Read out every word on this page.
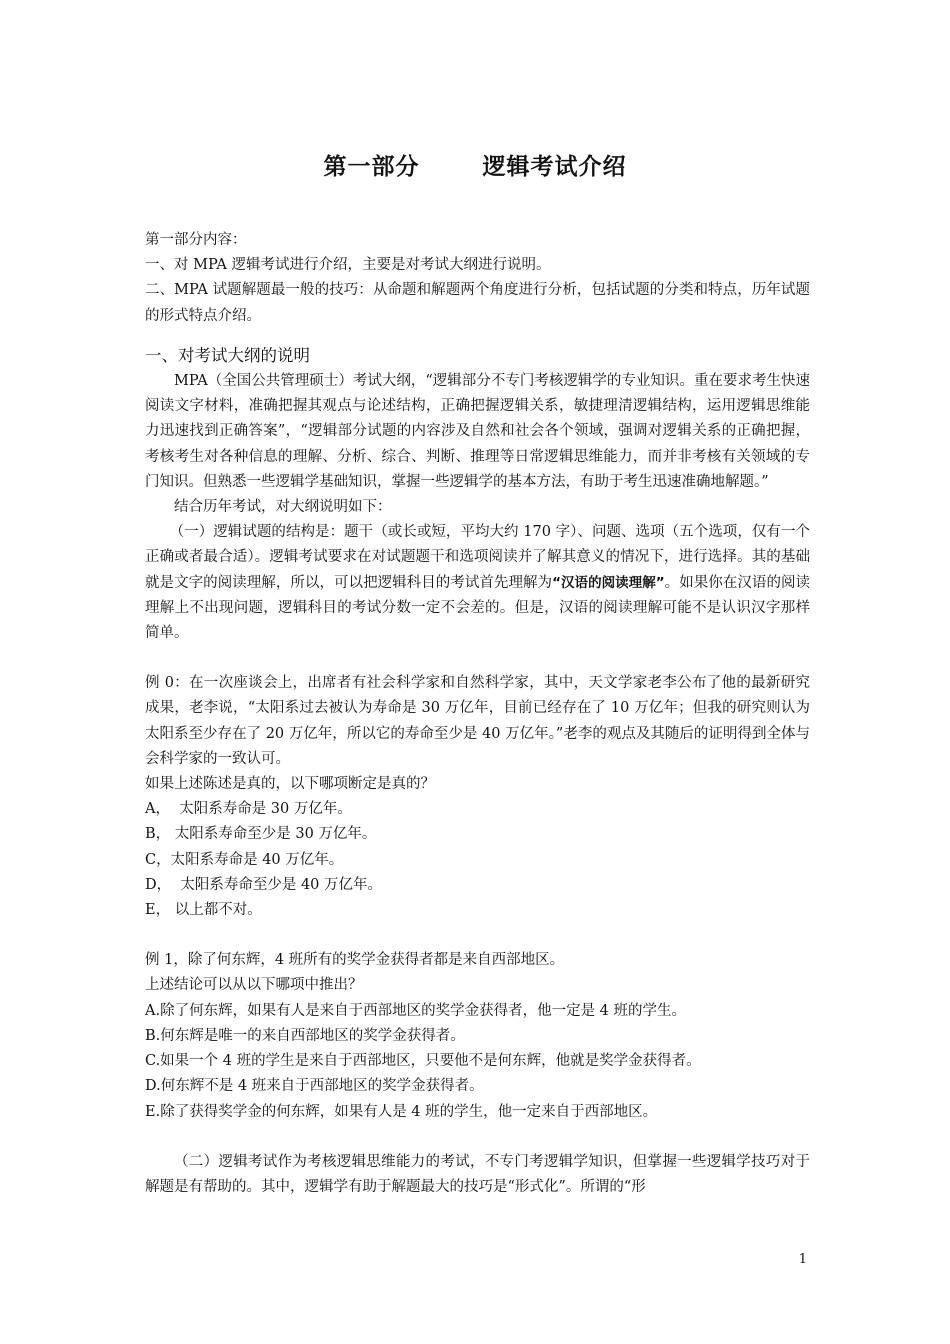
第一部分       逻辑考试介绍

第一部分内容：

一、对 MPA 逻辑考试进行介绍，主要是对考试大纲进行说明。

二、MPA 试题解题最一般的技巧：从命题和解题两个角度进行分析，包括试题的分类和特点，历年试题的形式特点介绍。

一、对考试大纲的说明

MPA（全国公共管理硕士）考试大纲，“逻辑部分不专门考核逻辑学的专业知识。重在要求考生快速阅读文字材料，准确把握其观点与论述结构，正确把握逻辑关系，敏捷理清逻辑结构，运用逻辑思维能力迅速找到正确答案”，“逻辑部分试题的内容涉及自然和社会各个领域，强调对逻辑关系的正确把握，考核考生对各种信息的理解、分析、综合、判断、推理等日常逻辑思维能力，而并非考核有关领域的专门知识。但熟悉一些逻辑学基础知识，掌握一些逻辑学的基本方法，有助于考生迅速准确地解题。”

结合历年考试，对大纲说明如下：

（一）逻辑试题的结构是：题干（或长或短，平均大约 170 字）、问题、选项（五个选项，仅有一个正确或者最合适）。逻辑考试要求在对试题题干和选项阅读并了解其意义的情况下，进行选择。其的基础就是文字的阅读理解，所以，可以把逻辑科目的考试首先理解为“汉语的阅读理解”。如果你在汉语的阅读理解上不出现问题，逻辑科目的考试分数一定不会差的。但是，汉语的阅读理解可能不是认识汉字那样简单。

例 0：在一次座谈会上，出席者有社会科学家和自然科学家，其中，天文学家老李公布了他的最新研究成果，老李说，“太阳系过去被认为寿命是 30 万亿年，目前已经存在了 10 万亿年；但我的研究则认为太阳系至少存在了 20 万亿年，所以它的寿命至少是 40 万亿年。”老李的观点及其随后的证明得到全体与会科学家的一致认可。

如果上述陈述是真的，以下哪项断定是真的？

A，  太阳系寿命是 30 万亿年。

B， 太阳系寿命至少是 30 万亿年。

C，太阳系寿命是 40 万亿年。

D，  太阳系寿命至少是 40 万亿年。

E， 以上都不对。

例 1，除了何东辉，4 班所有的奖学金获得者都是来自西部地区。

上述结论可以从以下哪项中推出？

A.除了何东辉，如果有人是来自于西部地区的奖学金获得者，他一定是 4 班的学生。

B.何东辉是唯一的来自西部地区的奖学金获得者。

C.如果一个 4 班的学生是来自于西部地区，只要他不是何东辉，他就是奖学金获得者。

D.何东辉不是 4 班来自于西部地区的奖学金获得者。

E.除了获得奖学金的何东辉，如果有人是 4 班的学生，他一定来自于西部地区。

（二）逻辑考试作为考核逻辑思维能力的考试，不专门考逻辑学知识，但掌握一些逻辑学技巧对于解题是有帮助的。其中，逻辑学有助于解题最大的技巧是“形式化”。所谓的“形

1
